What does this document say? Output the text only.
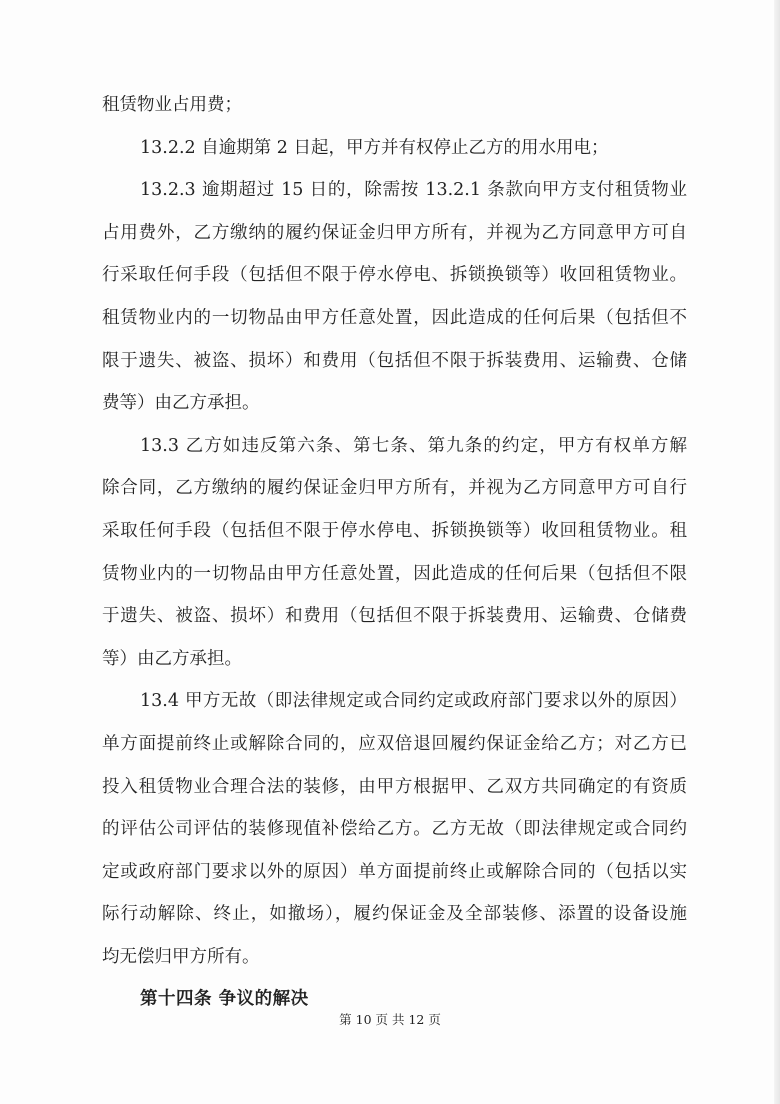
租赁物业占用费；
13.2.2 自逾期第 2 日起，甲方并有权停止乙方的用水用电；
13.2.3 逾期超过 15 日的，除需按 13.2.1 条款向甲方支付租赁物业
占用费外，乙方缴纳的履约保证金归甲方所有，并视为乙方同意甲方可自
行采取任何手段（包括但不限于停水停电、拆锁换锁等）收回租赁物业。
租赁物业内的一切物品由甲方任意处置，因此造成的任何后果（包括但不
限于遗失、被盗、损坏）和费用（包括但不限于拆装费用、运输费、仓储
费等）由乙方承担。
13.3 乙方如违反第六条、第七条、第九条的约定，甲方有权单方解
除合同，乙方缴纳的履约保证金归甲方所有，并视为乙方同意甲方可自行
采取任何手段（包括但不限于停水停电、拆锁换锁等）收回租赁物业。租
赁物业内的一切物品由甲方任意处置，因此造成的任何后果（包括但不限
于遗失、被盗、损坏）和费用（包括但不限于拆装费用、运输费、仓储费
等）由乙方承担。
13.4 甲方无故（即法律规定或合同约定或政府部门要求以外的原因）
单方面提前终止或解除合同的，应双倍退回履约保证金给乙方；对乙方已
投入租赁物业合理合法的装修，由甲方根据甲、乙双方共同确定的有资质
的评估公司评估的装修现值补偿给乙方。乙方无故（即法律规定或合同约
定或政府部门要求以外的原因）单方面提前终止或解除合同的（包括以实
际行动解除、终止，如撤场），履约保证金及全部装修、添置的设备设施
均无偿归甲方所有。
第十四条 争议的解决
第 10 页 共 12 页
